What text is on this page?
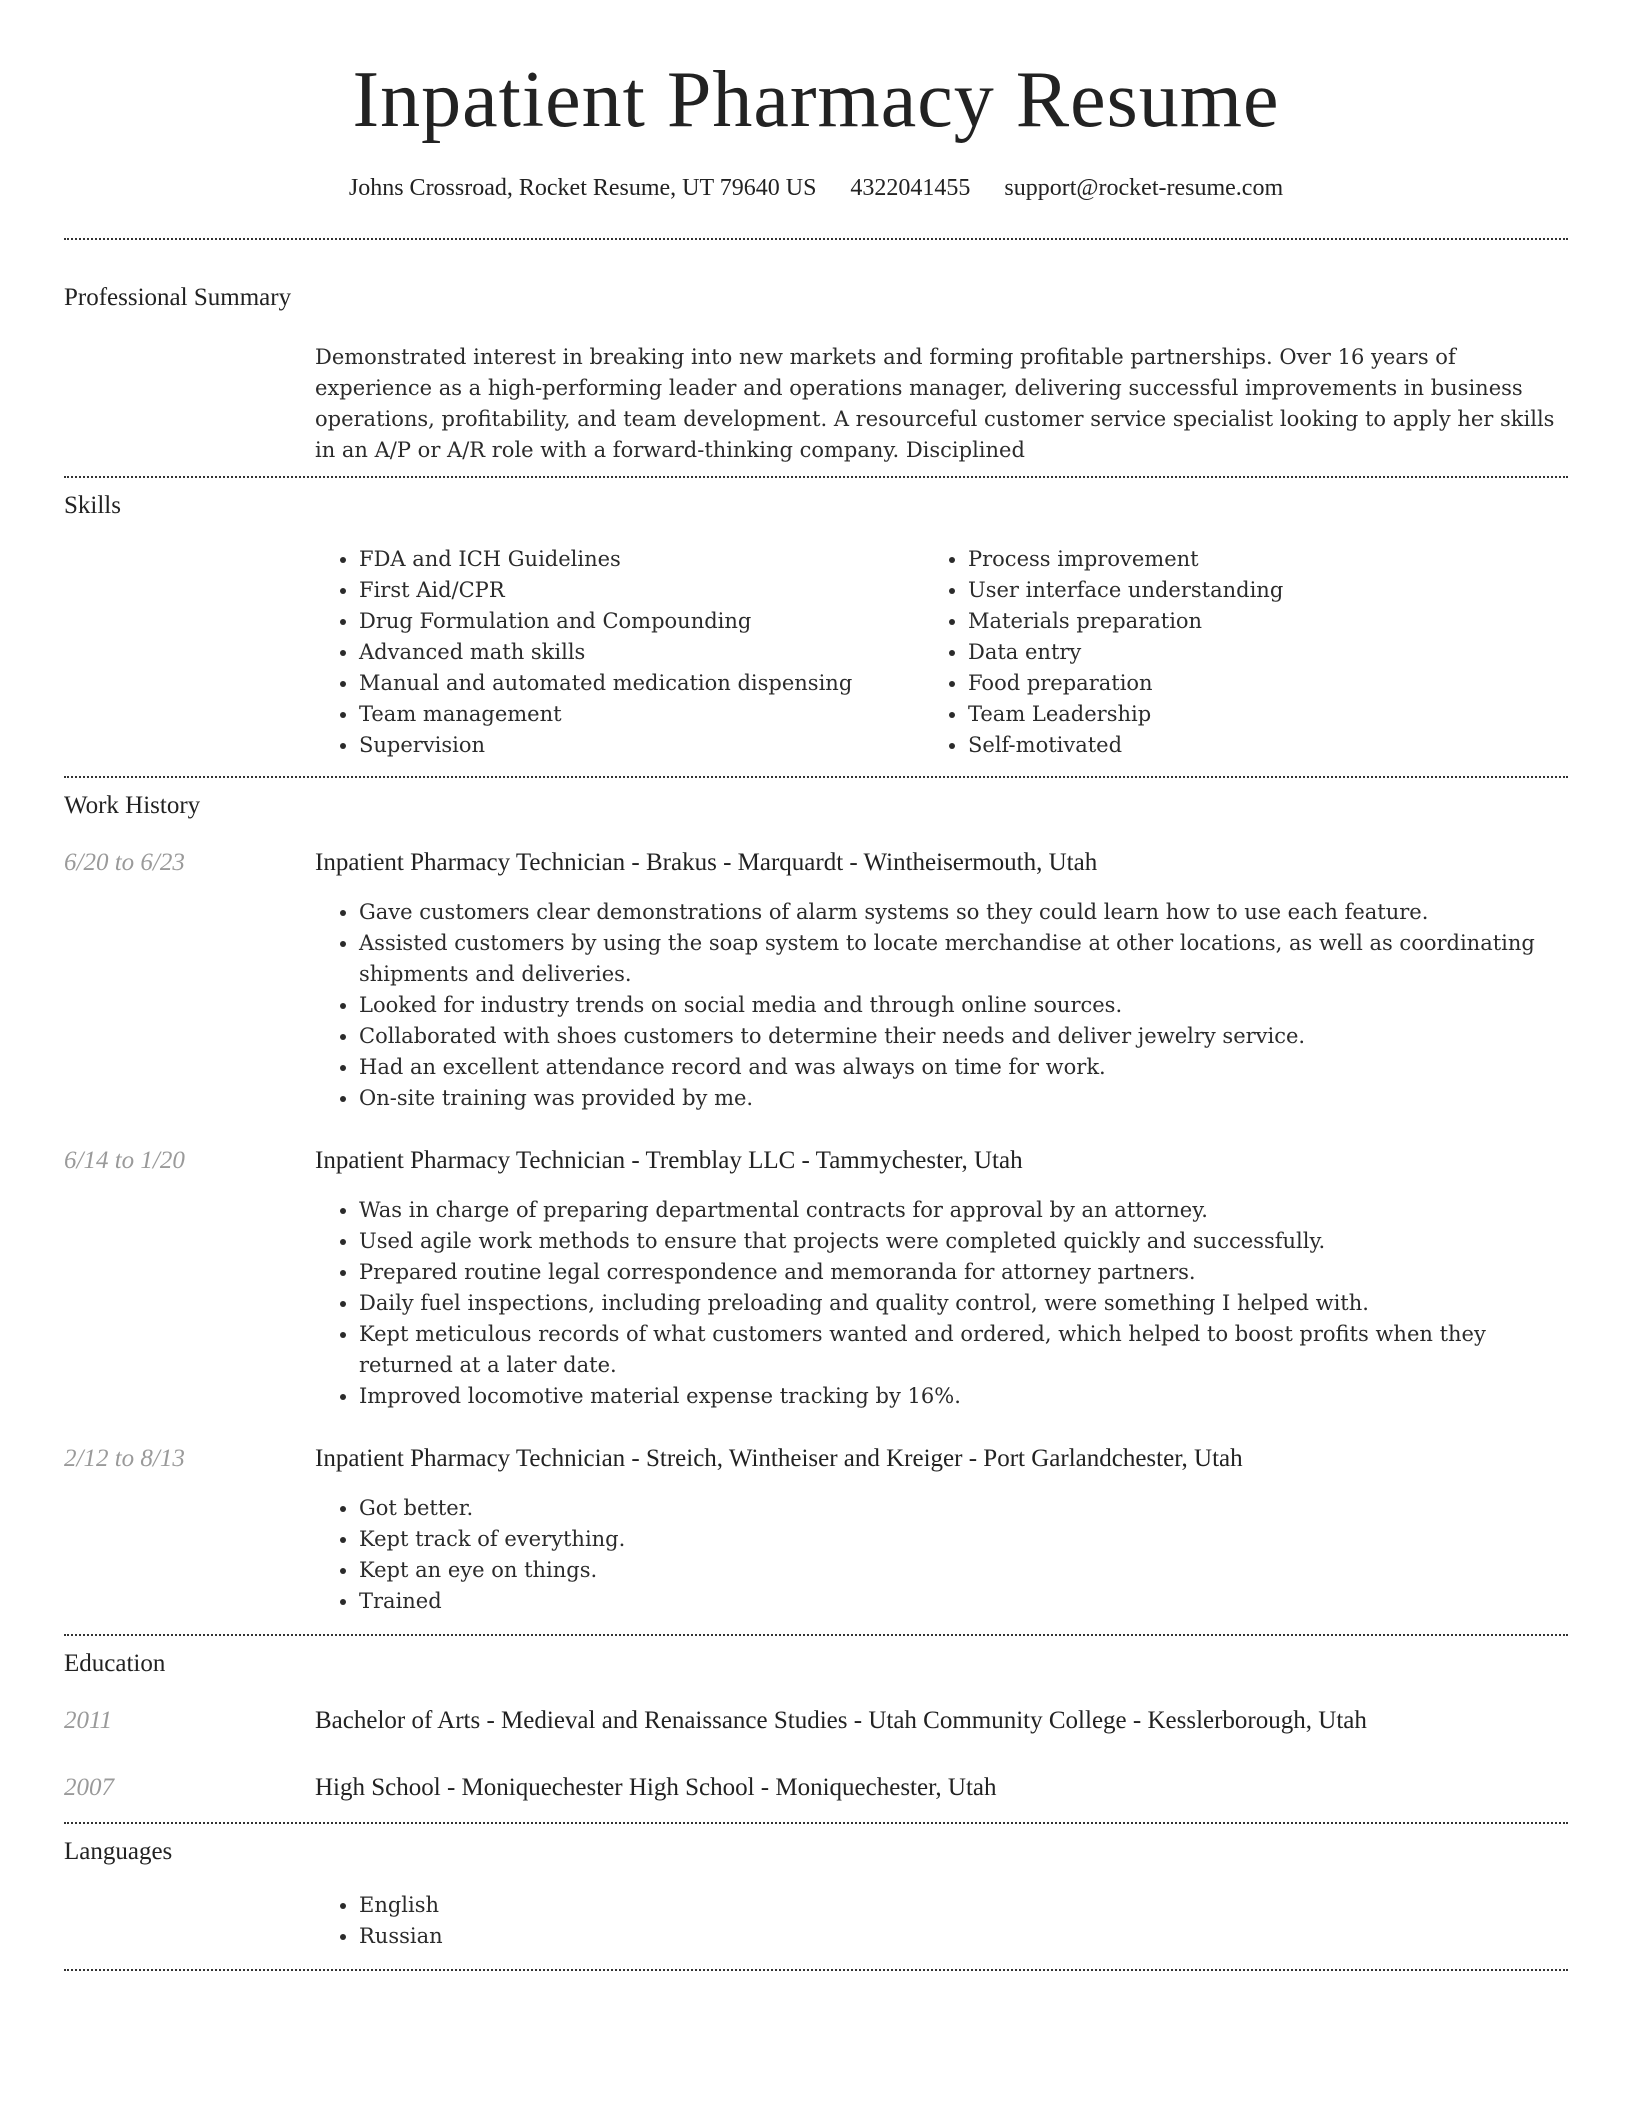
Inpatient Pharmacy Resume
Johns Crossroad, Rocket Resume, UT 79640 US 4322041455 support@rocket-resume.com
Professional Summary
Demonstrated interest in breaking into new markets and forming profitable partnerships. Over 16 years of experience as a high-performing leader and operations manager, delivering successful improvements in business operations, profitability, and team development. A resourceful customer service specialist looking to apply her skills in an A/P or A/R role with a forward-thinking company. Disciplined
Skills
• FDA and ICH Guidelines
• First Aid/CPR
• Drug Formulation and Compounding
• Advanced math skills
• Manual and automated medication dispensing
• Team management
• Supervision
• Process improvement
• User interface understanding
• Materials preparation
• Data entry
• Food preparation
• Team Leadership
• Self-motivated
Work History
6/20 to 6/23	Inpatient Pharmacy Technician - Brakus - Marquardt - Wintheisermouth, Utah
• Gave customers clear demonstrations of alarm systems so they could learn how to use each feature.
• Assisted customers by using the soap system to locate merchandise at other locations, as well as coordinating shipments and deliveries.
• Looked for industry trends on social media and through online sources.
• Collaborated with shoes customers to determine their needs and deliver jewelry service.
• Had an excellent attendance record and was always on time for work.
• On-site training was provided by me.
6/14 to 1/20	Inpatient Pharmacy Technician - Tremblay LLC - Tammychester, Utah
• Was in charge of preparing departmental contracts for approval by an attorney.
• Used agile work methods to ensure that projects were completed quickly and successfully.
• Prepared routine legal correspondence and memoranda for attorney partners.
• Daily fuel inspections, including preloading and quality control, were something I helped with.
• Kept meticulous records of what customers wanted and ordered, which helped to boost profits when they returned at a later date.
• Improved locomotive material expense tracking by 16%.
2/12 to 8/13	Inpatient Pharmacy Technician - Streich, Wintheiser and Kreiger - Port Garlandchester, Utah
• Got better.
• Kept track of everything.
• Kept an eye on things.
• Trained
Education
2011	Bachelor of Arts - Medieval and Renaissance Studies - Utah Community College - Kesslerborough, Utah
2007	High School - Moniquechester High School - Moniquechester, Utah
Languages
• English
• Russian
